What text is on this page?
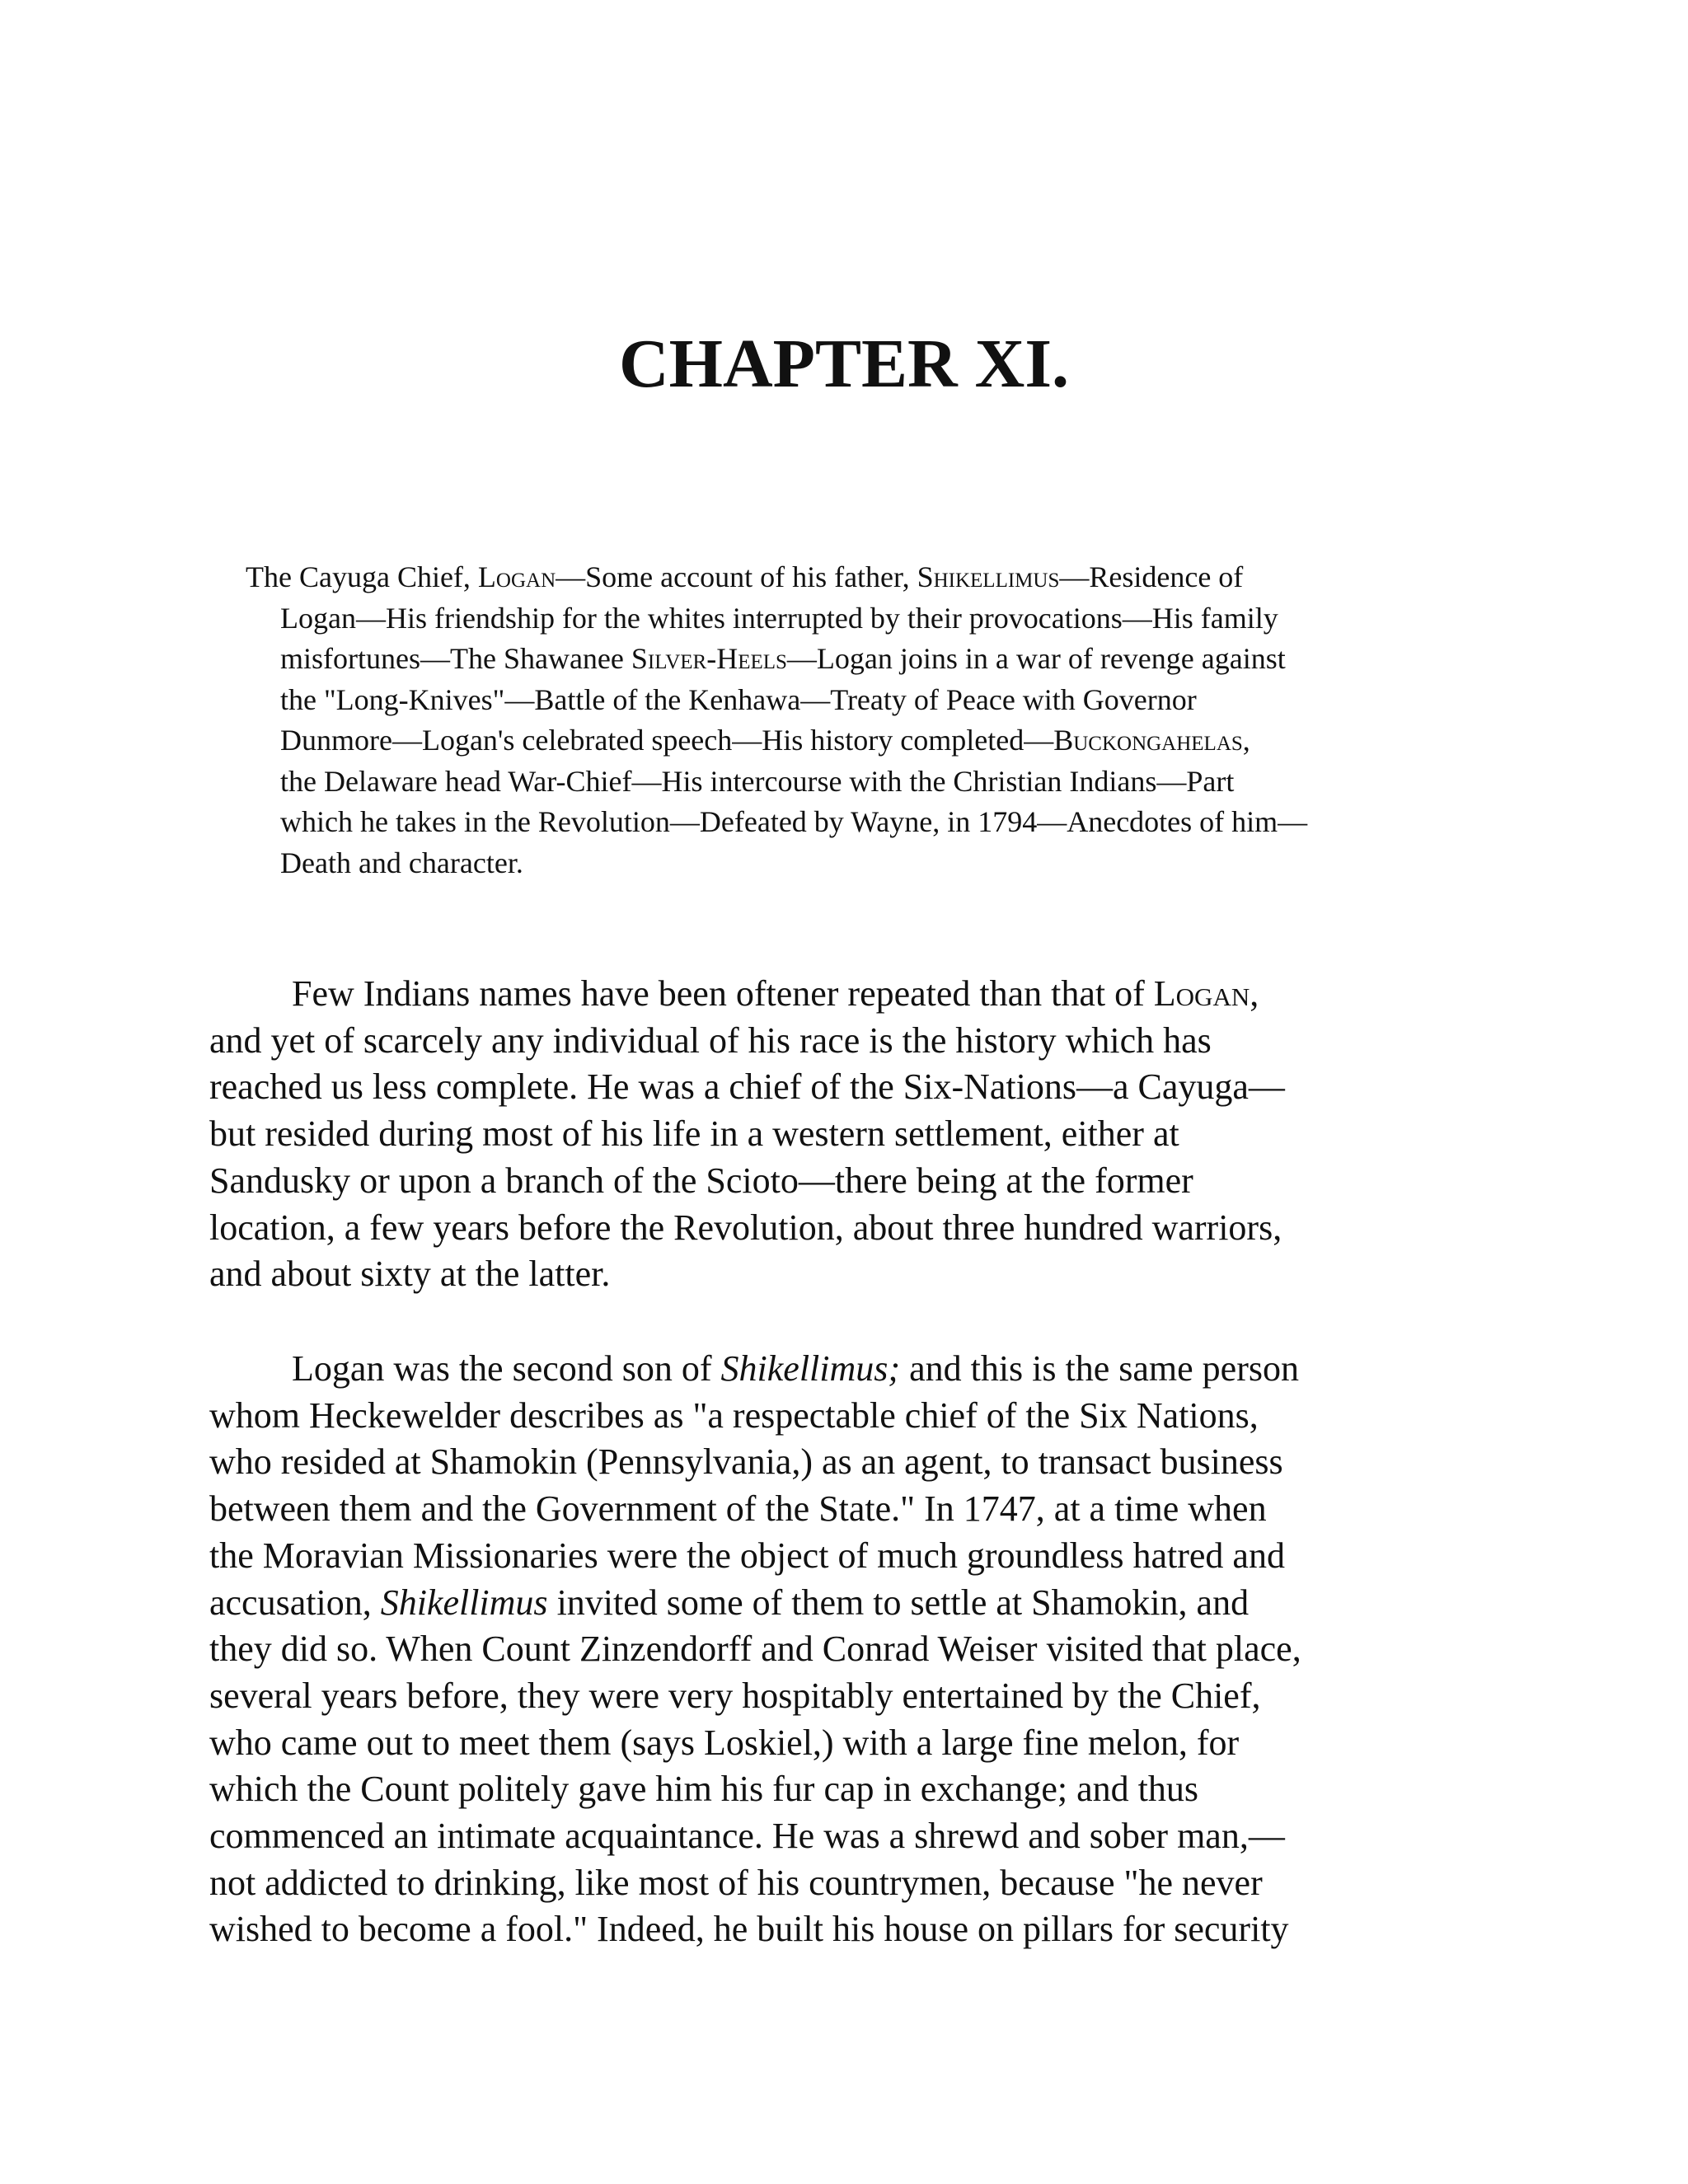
CHAPTER XI.
The Cayuga Chief, Logan—Some account of his father, Shikellimus—Residence of
Logan—His friendship for the whites interrupted by their provocations—His family
misfortunes—The Shawanee Silver-Heels—Logan joins in a war of revenge against
the "Long-Knives"—Battle of the Kenhawa—Treaty of Peace with Governor
Dunmore—Logan's celebrated speech—His history completed—Buckongahelas,
the Delaware head War-Chief—His intercourse with the Christian Indians—Part
which he takes in the Revolution—Defeated by Wayne, in 1794—Anecdotes of him—
Death and character.
Few Indians names have been oftener repeated than that of Logan,
and yet of scarcely any individual of his race is the history which has
reached us less complete. He was a chief of the Six-Nations—a Cayuga—
but resided during most of his life in a western settlement, either at
Sandusky or upon a branch of the Scioto—there being at the former
location, a few years before the Revolution, about three hundred warriors,
and about sixty at the latter.
Logan was the second son of Shikellimus; and this is the same person
whom Heckewelder describes as "a respectable chief of the Six Nations,
who resided at Shamokin (Pennsylvania,) as an agent, to transact business
between them and the Government of the State." In 1747, at a time when
the Moravian Missionaries were the object of much groundless hatred and
accusation, Shikellimus invited some of them to settle at Shamokin, and
they did so. When Count Zinzendorff and Conrad Weiser visited that place,
several years before, they were very hospitably entertained by the Chief,
who came out to meet them (says Loskiel,) with a large fine melon, for
which the Count politely gave him his fur cap in exchange; and thus
commenced an intimate acquaintance. He was a shrewd and sober man,—
not addicted to drinking, like most of his countrymen, because "he never
wished to become a fool." Indeed, he built his house on pillars for security
